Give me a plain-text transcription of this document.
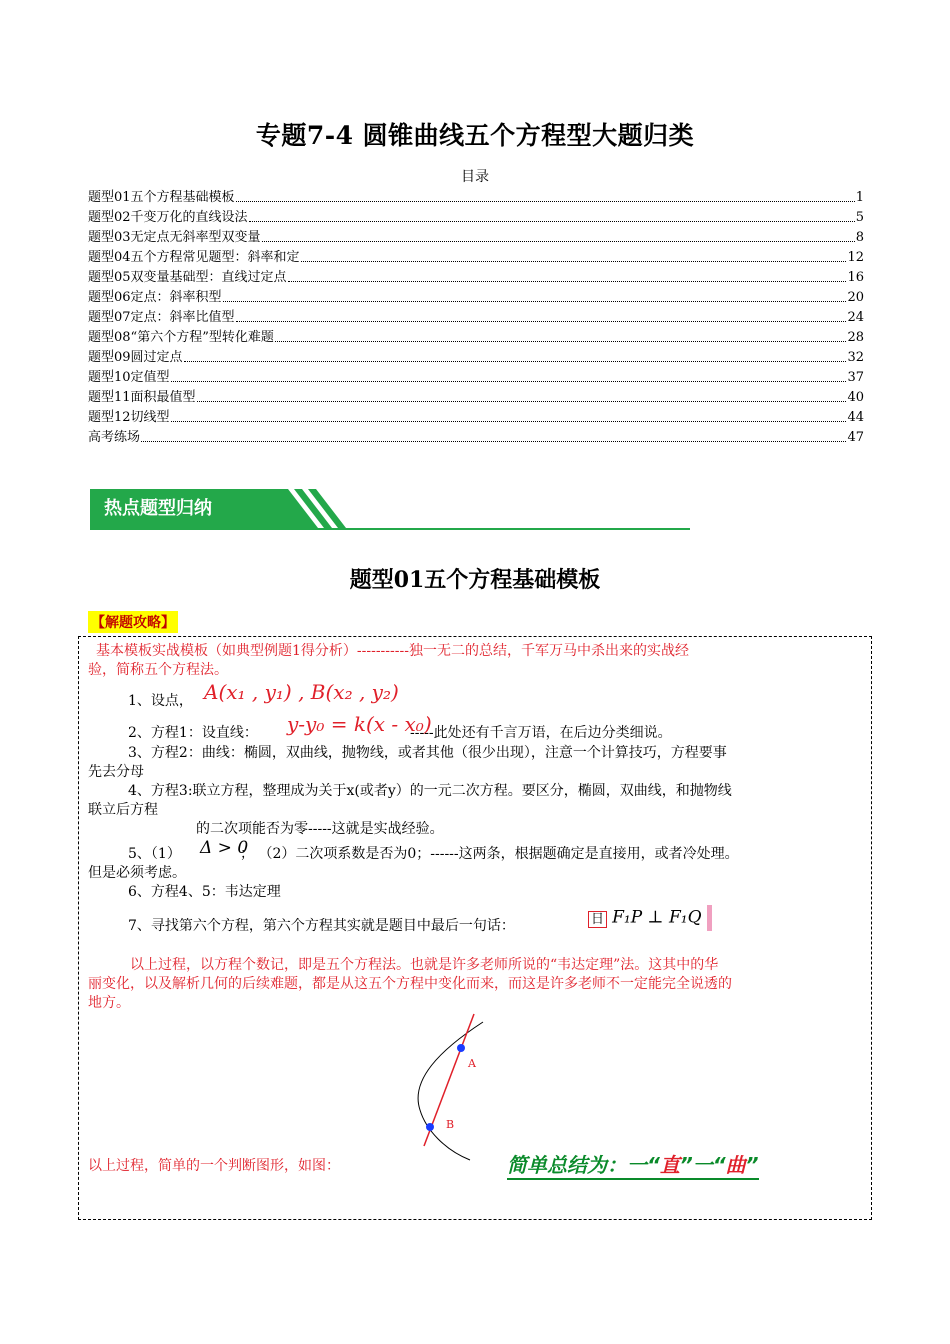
专题7-4 圆锥曲线五个方程型大题归类
目录
题型01五个方程基础模板	1
题型02千变万化的直线设法	5
题型03无定点无斜率型双变量	8
题型04五个方程常见题型：斜率和定	12
题型05双变量基础型：直线过定点	16
题型06定点：斜率积型	20
题型07定点：斜率比值型	24
题型08“第六个方程”型转化难题	28
题型09圆过定点	32
题型10定值型	37
题型11面积最值型	40
题型12切线型	44
高考练场	47
热点题型归纳
题型01五个方程基础模板
【解题攻略】
基本模板实战模板（如典型例题1得分析）-----------独一无二的总结，千军万马中杀出来的实战经
验，简称五个方程法。
1、设点， A(x₁ , y₁) , B(x₂ , y₂)
2、方程1：设直线： y-y₀ = k(x - x₀)
-----此处还有千言万语，在后边分类细说。
3、方程2：曲线：椭圆，双曲线，抛物线，或者其他（很少出现），注意一个计算技巧，方程要事
先去分母
4、方程3:联立方程，整理成为关于x(或者y）的一元二次方程。要区分，椭圆，双曲线，和抛物线
联立后方程
的二次项能否为零-----这就是实战经验。
5、（1） Δ > 0
； （2）二次项系数是否为0；------这两条，根据题确定是直接用，或者冷处理。
但是必须考虑。
6、方程4、5：韦达定理
7、寻找第六个方程，第六个方程其实就是题目中最后一句话：	日 F₁P ⊥ F₁Q
以上过程，以方程个数记，即是五个方程法。也就是许多老师所说的“韦达定理”法。这其中的华
丽变化，以及解析几何的后续难题，都是从这五个方程中变化而来，而这是许多老师不一定能完全说透的
地方。
A
B
以上过程，简单的一个判断图形，如图：	简单总结为：一“直”一“曲”
